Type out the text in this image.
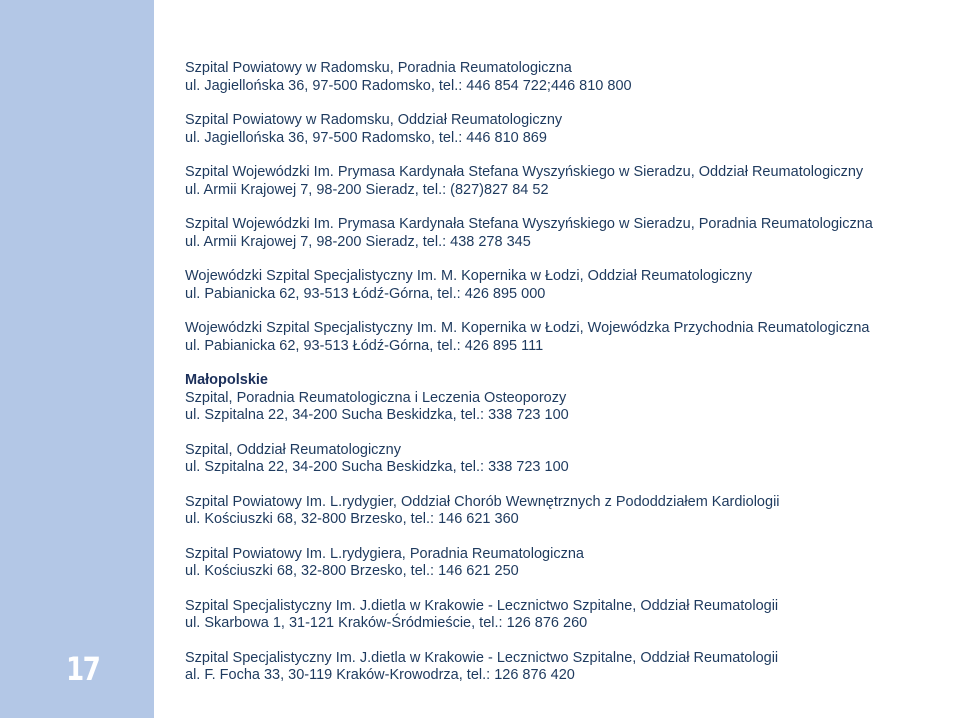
17
Szpital Powiatowy w Radomsku, Poradnia Reumatologiczna
ul. Jagiellońska 36, 97-500 Radomsko, tel.: 446 854 722;446 810 800
Szpital Powiatowy w Radomsku, Oddział Reumatologiczny
ul. Jagiellońska 36, 97-500 Radomsko, tel.: 446 810 869
Szpital Wojewódzki Im. Prymasa Kardynała Stefana Wyszyńskiego w Sieradzu, Oddział Reumatologiczny
ul. Armii Krajowej 7, 98-200 Sieradz, tel.: (827)827 84 52
Szpital Wojewódzki Im. Prymasa Kardynała Stefana Wyszyńskiego w Sieradzu, Poradnia Reumatologiczna
ul. Armii Krajowej 7, 98-200 Sieradz, tel.: 438 278 345
Wojewódzki Szpital Specjalistyczny Im. M. Kopernika w Łodzi, Oddział Reumatologiczny
ul. Pabianicka 62, 93-513 Łódź-Górna, tel.: 426 895 000
Wojewódzki Szpital Specjalistyczny Im. M. Kopernika w Łodzi, Wojewódzka Przychodnia Reumatologiczna
ul. Pabianicka 62, 93-513 Łódź-Górna, tel.: 426 895 111
Małopolskie
Szpital, Poradnia Reumatologiczna i Leczenia Osteoporozy
ul. Szpitalna 22, 34-200 Sucha Beskidzka, tel.: 338 723 100
Szpital, Oddział Reumatologiczny
ul. Szpitalna 22, 34-200 Sucha Beskidzka, tel.: 338 723 100
Szpital Powiatowy Im. L.rydygier, Oddział Chorób Wewnętrznych z Pododdziałem Kardiologii
ul. Kościuszki 68, 32-800 Brzesko, tel.: 146 621 360
Szpital Powiatowy Im. L.rydygiera, Poradnia Reumatologiczna
ul. Kościuszki 68, 32-800 Brzesko, tel.: 146 621 250
Szpital Specjalistyczny Im. J.dietla w Krakowie - Lecznictwo Szpitalne, Oddział Reumatologii
ul. Skarbowa 1, 31-121 Kraków-Śródmieście, tel.: 126 876 260
Szpital Specjalistyczny Im. J.dietla w Krakowie - Lecznictwo Szpitalne, Oddział Reumatologii
al. F. Focha 33, 30-119 Kraków-Krowodrza, tel.: 126 876 420
